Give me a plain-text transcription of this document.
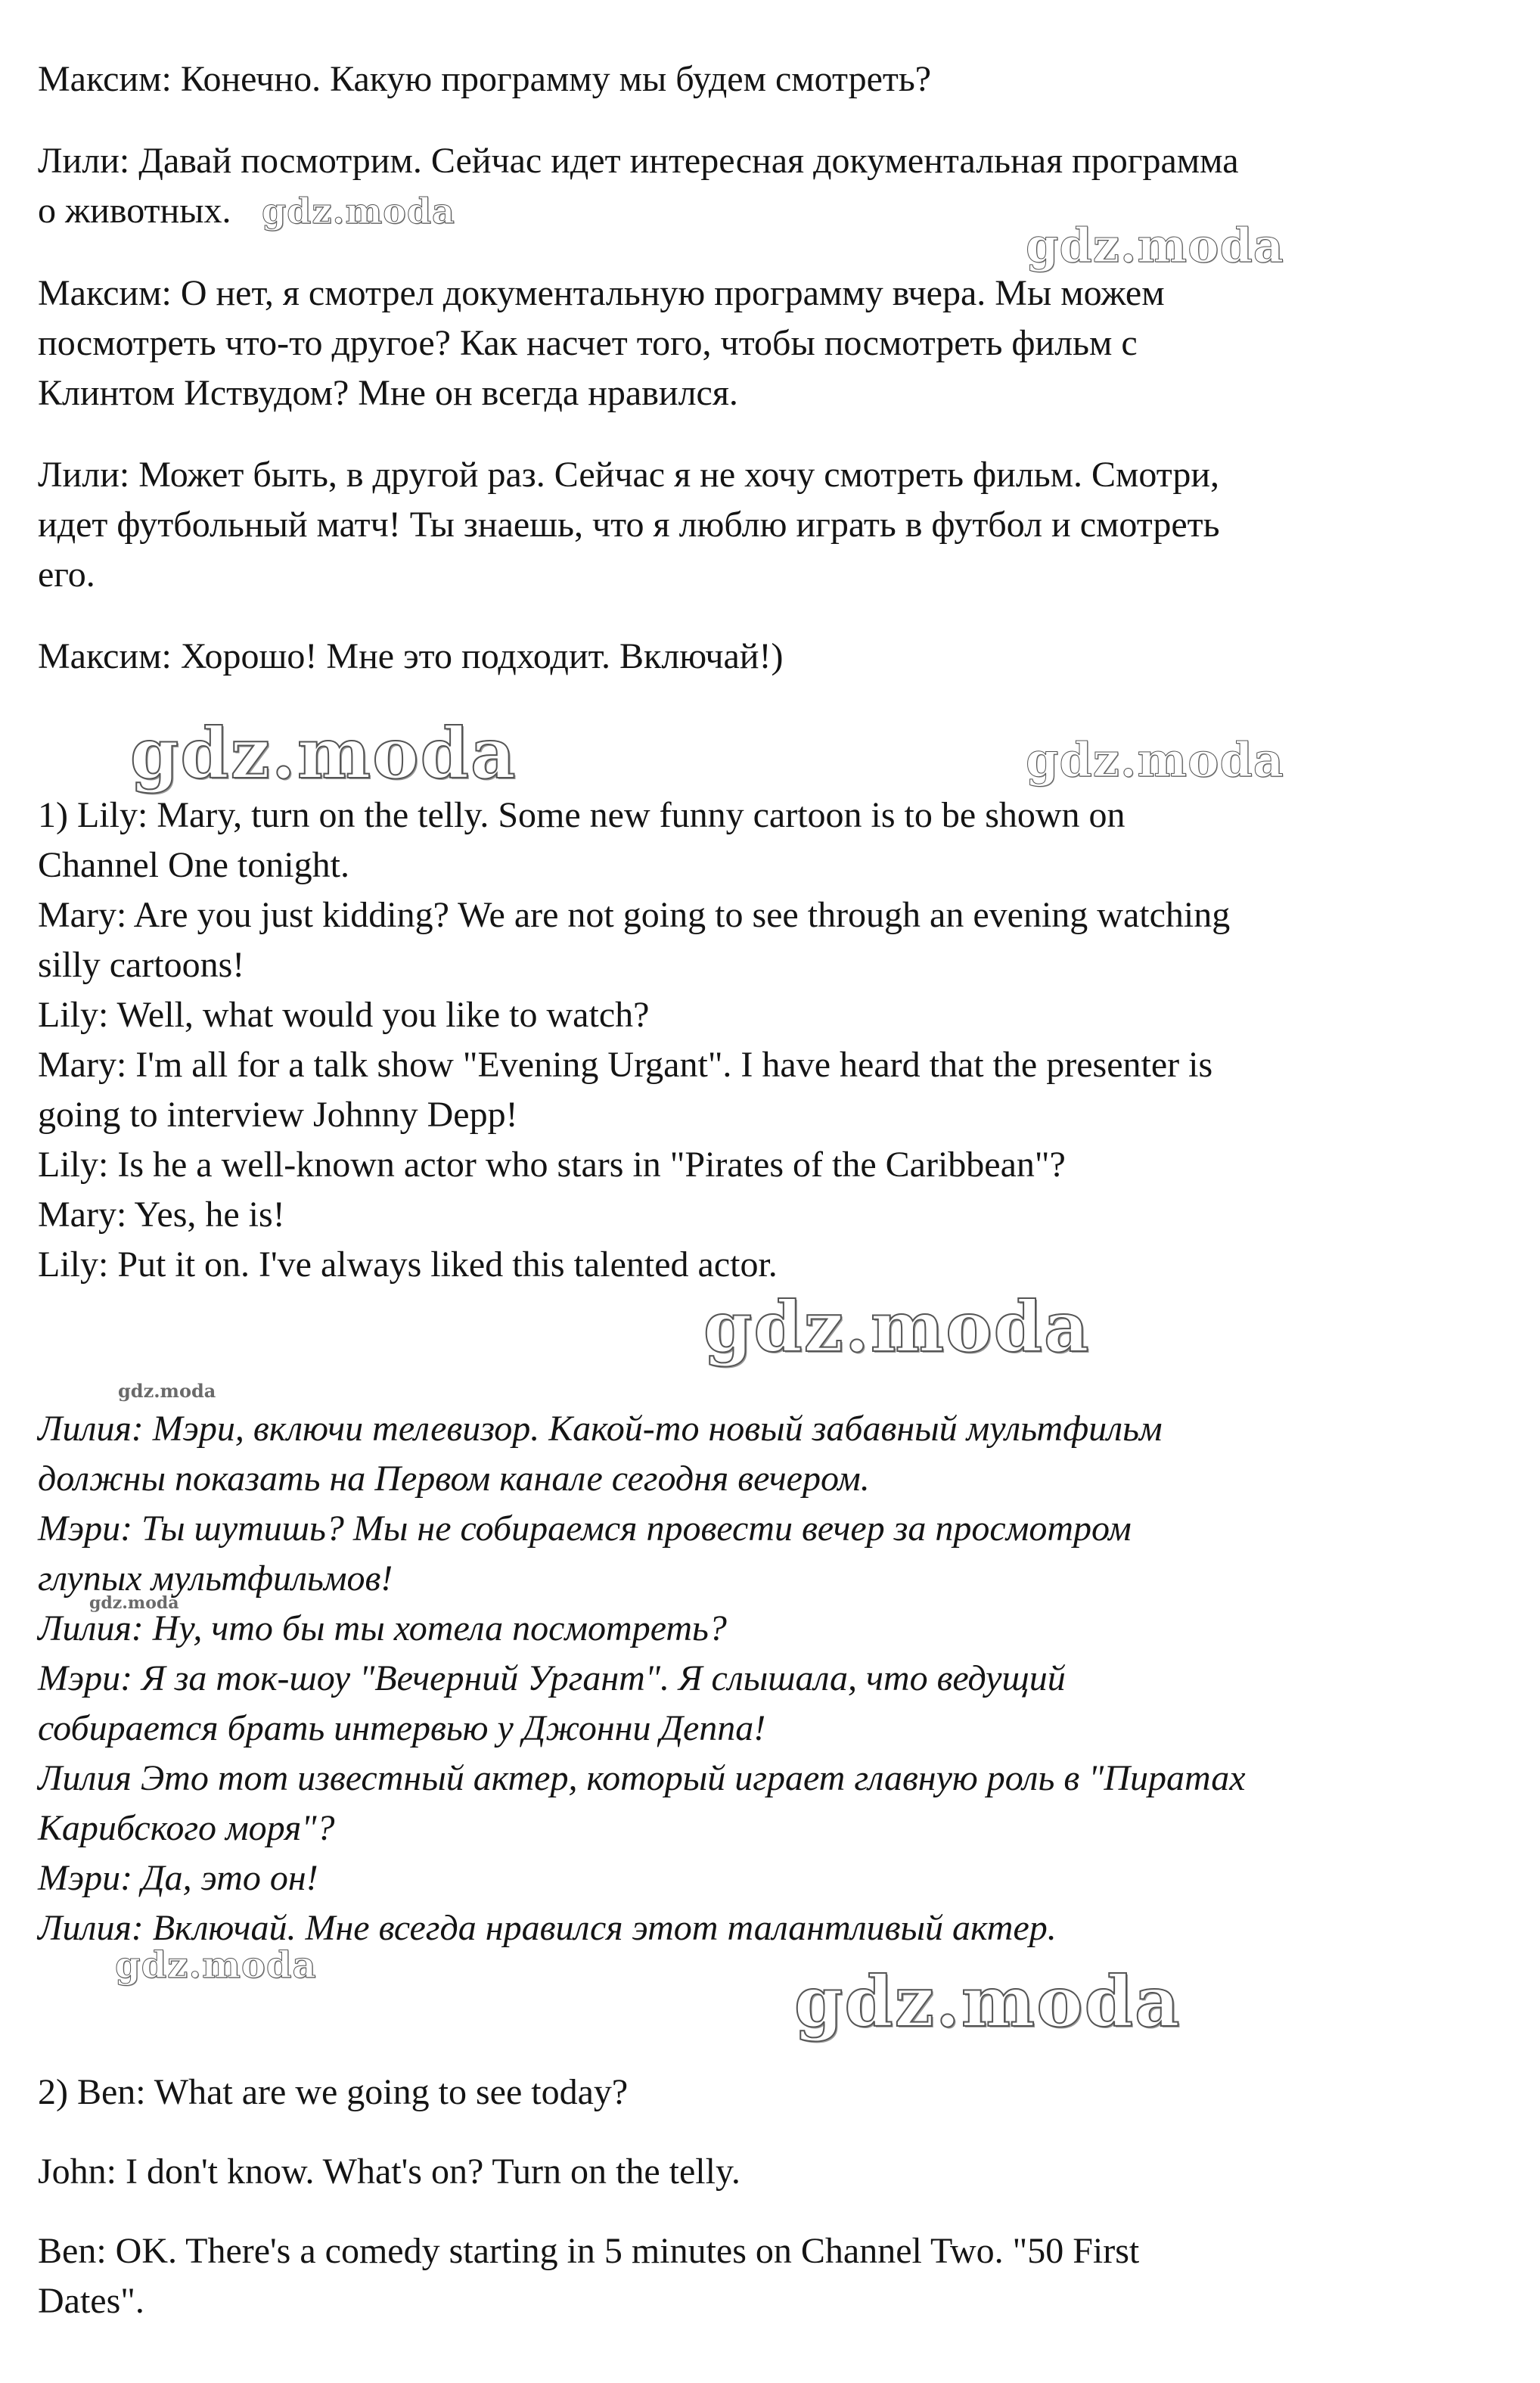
Максим: Конечно. Какую программу мы будем смотреть?
Лили: Давай посмотрим. Сейчас идет интересная документальная программа
о животных.
Максим: О нет, я смотрел документальную программу вчера. Мы можем
посмотреть что-то другое? Как насчет того, чтобы посмотреть фильм с
Клинтом Иствудом? Мне он всегда нравился.
Лили: Может быть, в другой раз. Сейчас я не хочу смотреть фильм. Смотри,
идет футбольный матч! Ты знаешь, что я люблю играть в футбол и смотреть
его.
Максим: Хорошо! Мне это подходит. Включай!)
1) Lily: Mary, turn on the telly. Some new funny cartoon is to be shown on
Channel One tonight.
Mary: Are you just kidding? We are not going to see through an evening watching
silly cartoons!
Lily: Well, what would you like to watch?
Mary: I'm all for a talk show "Evening Urgant". I have heard that the presenter is
going to interview Johnny Depp!
Lily: Is he a well-known actor who stars in "Pirates of the Caribbean"?
Mary: Yes, he is!
Lily: Put it on. I've always liked this talented actor.
Лилия: Мэри, включи телевизор. Какой-то новый забавный мультфильм
должны показать на Первом канале сегодня вечером.
Мэри: Ты шутишь? Мы не собираемся провести вечер за просмотром
глупых мультфильмов!
Лилия: Ну, что бы ты хотела посмотреть?
Мэри: Я за ток-шоу "Вечерний Ургант". Я слышала, что ведущий
собирается брать интервью у Джонни Деппа!
Лилия Это тот известный актер, который играет главную роль в "Пиратах
Карибского моря"?
Мэри: Да, это он!
Лилия: Включай. Мне всегда нравился этот талантливый актер.
2) Ben: What are we going to see today?
John: I don't know. What's on? Turn on the telly.
Ben: OK. There's a comedy starting in 5 minutes on Channel Two. "50 First
Dates".
gdz.moda
gdz.moda
gdz.moda	gdz.moda
gdz.moda
gdz.moda
gdz.moda
gdz.moda	gdz.moda
